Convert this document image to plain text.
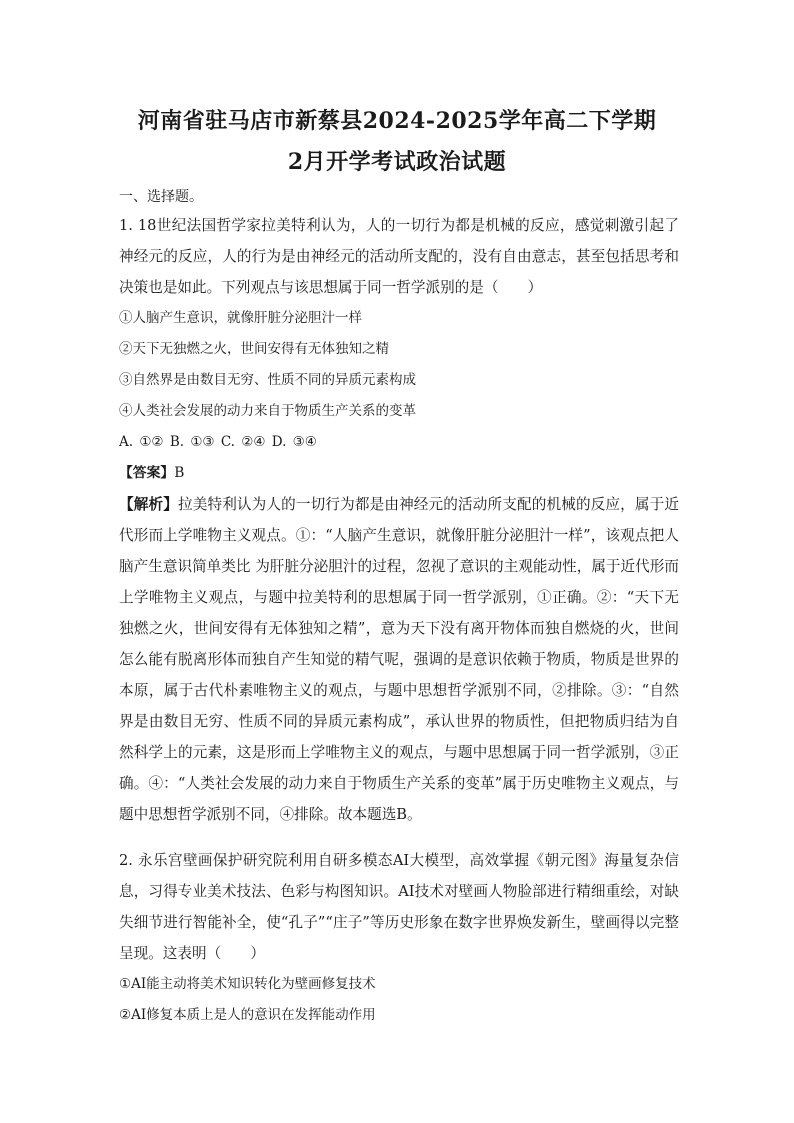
河南省驻马店市新蔡县2024-2025学年高二下学期
2月开学考试政治试题
一、选择题。

1. 18世纪法国哲学家拉美特利认为，人的一切行为都是机械的反应，感觉刺激引起了神经元的反应，人的行为是由神经元的活动所支配的，没有自由意志，甚至包括思考和决策也是如此。下列观点与该思想属于同一哲学派别的是（　　）

①人脑产生意识，就像肝脏分泌胆汁一样

②天下无独燃之火，世间安得有无体独知之精

③自然界是由数目无穷、性质不同的异质元素构成

④人类社会发展的动力来自于物质生产关系的变革

A. ①② B. ①③ C. ②④ D. ③④

【答案】B

【解析】拉美特利认为人的一切行为都是由神经元的活动所支配的机械的反应，属于近代形而上学唯物主义观点。①：“人脑产生意识，就像肝脏分泌胆汁一样”，该观点把人脑产生意识简单类比 为肝脏分泌胆汁的过程，忽视了意识的主观能动性，属于近代形而上学唯物主义观点，与题中拉美特利的思想属于同一哲学派别，①正确。②：“天下无独燃之火，世间安得有无体独知之精”，意为天下没有离开物体而独自燃烧的火，世间怎么能有脱离形体而独自产生知觉的精气呢，强调的是意识依赖于物质，物质是世界的本原，属于古代朴素唯物主义的观点，与题中思想哲学派别不同，②排除。③：“自然界是由数目无穷、性质不同的异质元素构成”，承认世界的物质性，但把物质归结为自然科学上的元素，这是形而上学唯物主义的观点，与题中思想属于同一哲学派别，③正确。④：“人类社会发展的动力来自于物质生产关系的变革”属于历史唯物主义观点，与题中思想哲学派别不同，④排除。故本题选B。

2. 永乐宫壁画保护研究院利用自研多模态AI大模型，高效掌握《朝元图》海量复杂信息，习得专业美术技法、色彩与构图知识。AI技术对壁画人物脸部进行精细重绘，对缺失细节进行智能补全，使“孔子”“庄子”等历史形象在数字世界焕发新生，壁画得以完整呈现。这表明（　　）

①AI能主动将美术知识转化为壁画修复技术

②AI修复本质上是人的意识在发挥能动作用
